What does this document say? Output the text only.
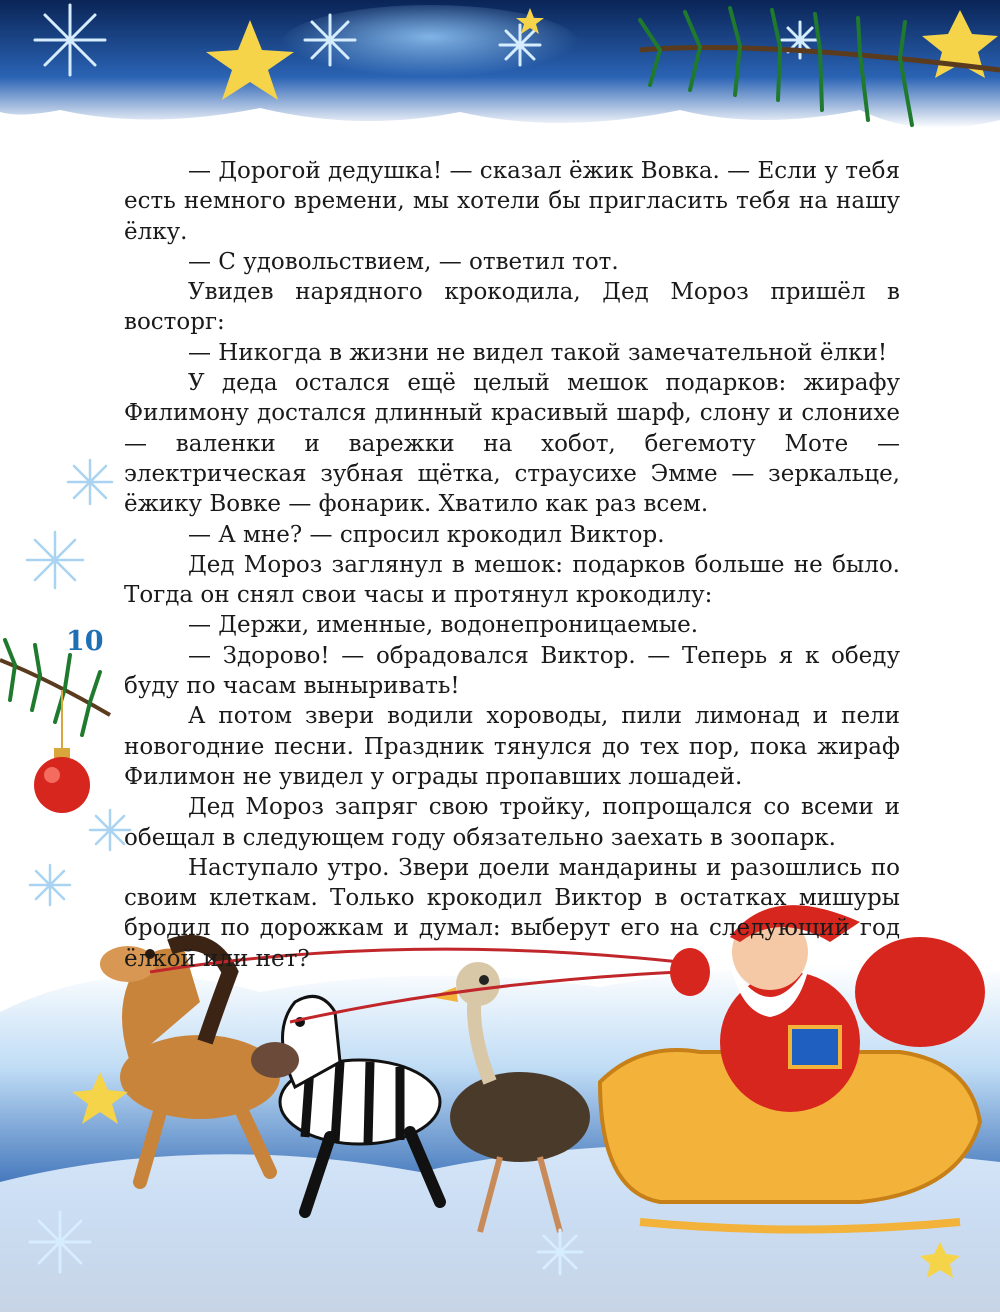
10

— Дорогой дедушка! — сказал ёжик Вовка. — Если у тебя есть немного времени, мы хотели бы пригласить тебя на нашу ёлку.

— С удовольствием, — ответил тот.

Увидев нарядного крокодила, Дед Мороз пришёл в восторг:

— Никогда в жизни не видел такой замечательной ёлки!

У деда остался ещё целый мешок подарков: жирафу Филимону достался длинный красивый шарф, слону и слонихе — валенки и варежки на хобот, бегемоту Моте — электрическая зубная щётка, страусихе Эмме — зеркальце, ёжику Вовке — фонарик. Хватило как раз всем.

— А мне? — спросил крокодил Виктор.

Дед Мороз заглянул в мешок: подарков больше не было. Тогда он снял свои часы и протянул крокодилу:

— Держи, именные, водонепроницаемые.

— Здорово! — обрадовался Виктор. — Теперь я к обеду буду по часам выныривать!

А потом звери водили хороводы, пили лимонад и пели новогодние песни. Праздник тянулся до тех пор, пока жираф Филимон не увидел у ограды пропавших лошадей.

Дед Мороз запряг свою тройку, попрощался со всеми и обещал в следующем году обязательно заехать в зоопарк.

Наступало утро. Звери доели мандарины и разошлись по своим клеткам. Только крокодил Виктор в остатках мишуры бродил по дорожкам и думал: выберут его на следующий год ёлкой или нет?
